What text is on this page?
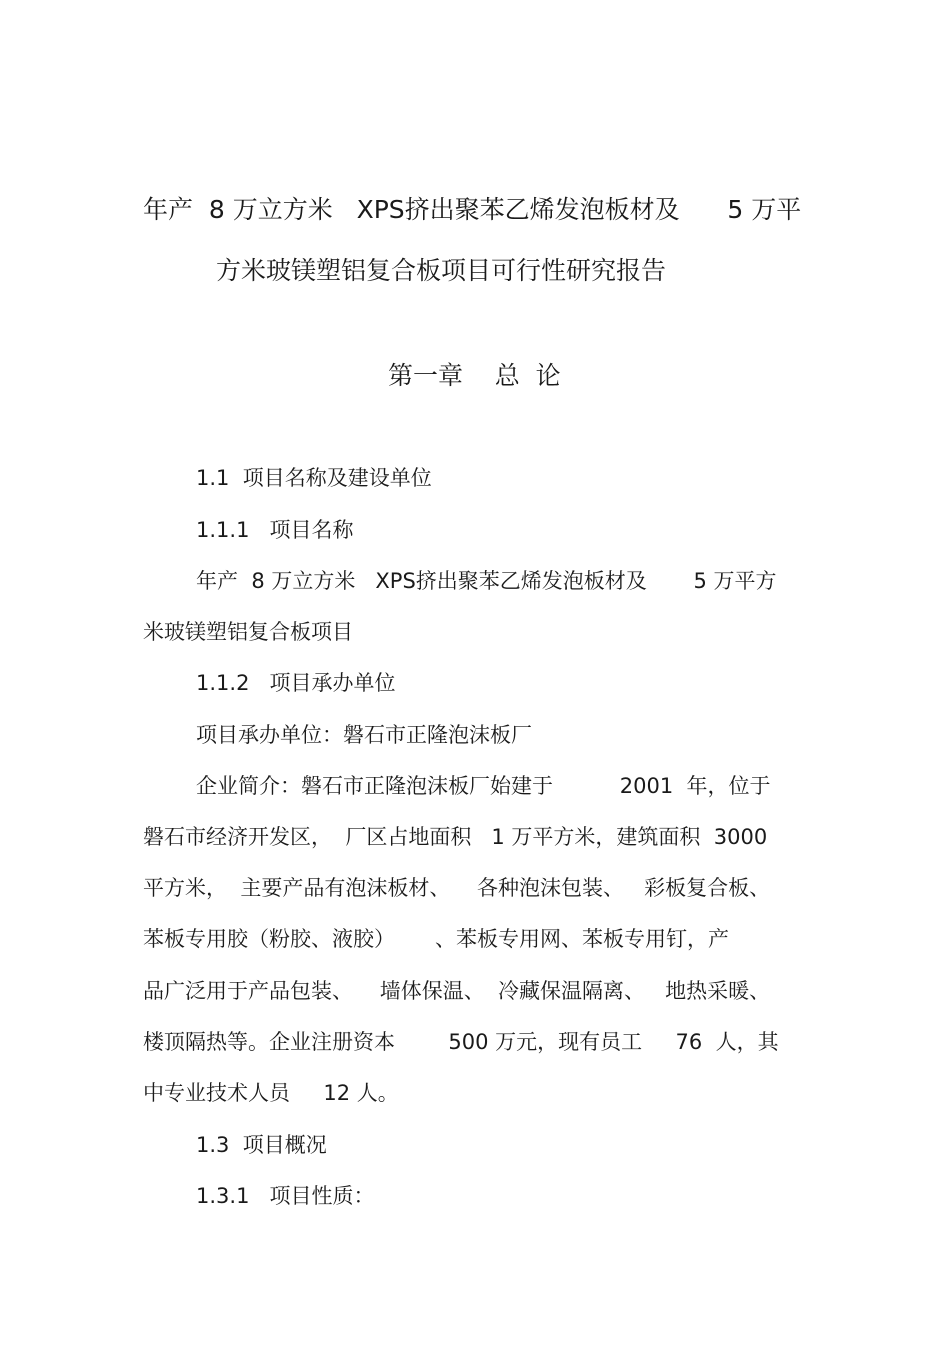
年产  8 万立方米   XPS挤出聚苯乙烯发泡板材及      5 万平
方米玻镁塑铝复合板项目可行性研究报告
第一章    总  论
1.1  项目名称及建设单位
1.1.1   项目名称
年产  8 万立方米   XPS挤出聚苯乙烯发泡板材及       5 万平方
米玻镁塑铝复合板项目
1.1.2   项目承办单位
项目承办单位：磐石市正隆泡沫板厂
企业简介：磐石市正隆泡沫板厂始建于          2001  年，位于
磐石市经济开发区，  厂区占地面积   1 万平方米，建筑面积  3000
平方米，  主要产品有泡沫板材、    各种泡沫包装、   彩板复合板、
苯板专用胶（粉胶、液胶）      、苯板专用网、苯板专用钉，产
品广泛用于产品包装、    墙体保温、  冷藏保温隔离、   地热采暖、
楼顶隔热等。企业注册资本        500 万元，现有员工     76  人，其
中专业技术人员     12 人。
1.3  项目概况
1.3.1   项目性质：
